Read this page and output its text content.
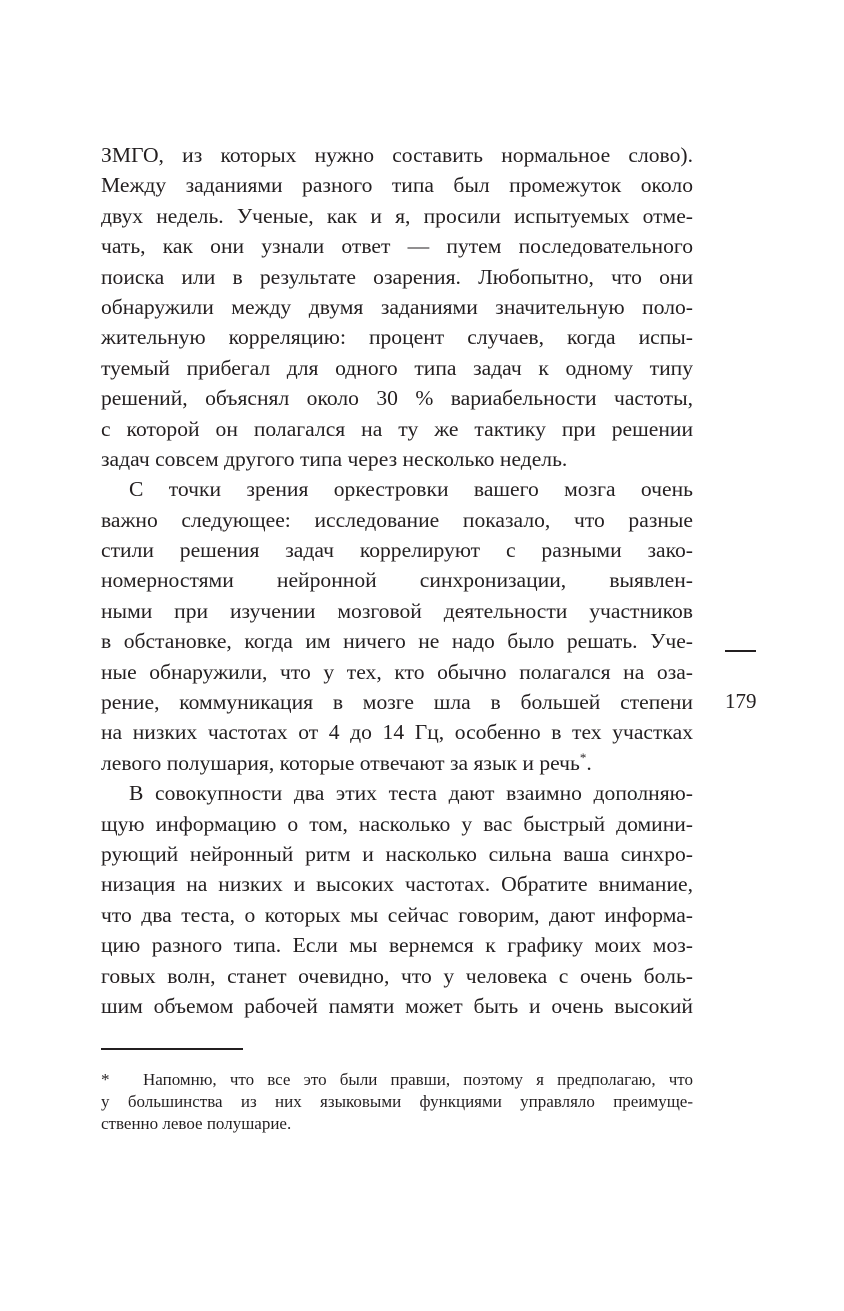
ЗМГО, из которых нужно составить нормальное слово).
Между заданиями разного типа был промежуток около
двух недель. Ученые, как и я, просили испытуемых отме-
чать, как они узнали ответ — путем последовательного
поиска или в результате озарения. Любопытно, что они
обнаружили между двумя заданиями значительную поло-
жительную корреляцию: процент случаев, когда испы-
туемый прибегал для одного типа задач к одному типу
решений, объяснял около 30 % вариабельности частоты,
с которой он полагался на ту же тактику при решении
задач совсем другого типа через несколько недель.
С точки зрения оркестровки вашего мозга очень
важно следующее: исследование показало, что разные
стили решения задач коррелируют с разными зако-
номерностями нейронной синхронизации, выявлен-
ными при изучении мозговой деятельности участников
в обстановке, когда им ничего не надо было решать. Уче-
ные обнаружили, что у тех, кто обычно полагался на оза-
рение, коммуникация в мозге шла в большей степени
на низких частотах от 4 до 14 Гц, особенно в тех участках
левого полушария, которые отвечают за язык и речь*.
В совокупности два этих теста дают взаимно дополняю-
щую информацию о том, насколько у вас быстрый домини-
рующий нейронный ритм и насколько сильна ваша синхро-
низация на низких и высоких частотах. Обратите внимание,
что два теста, о которых мы сейчас говорим, дают информа-
цию разного типа. Если мы вернемся к графику моих моз-
говых волн, станет очевидно, что у человека с очень боль-
шим объемом рабочей памяти может быть и очень высокий
179
* Напомню, что все это были правши, поэтому я предполагаю, что
у большинства из них языковыми функциями управляло преимуще-
ственно левое полушарие.
